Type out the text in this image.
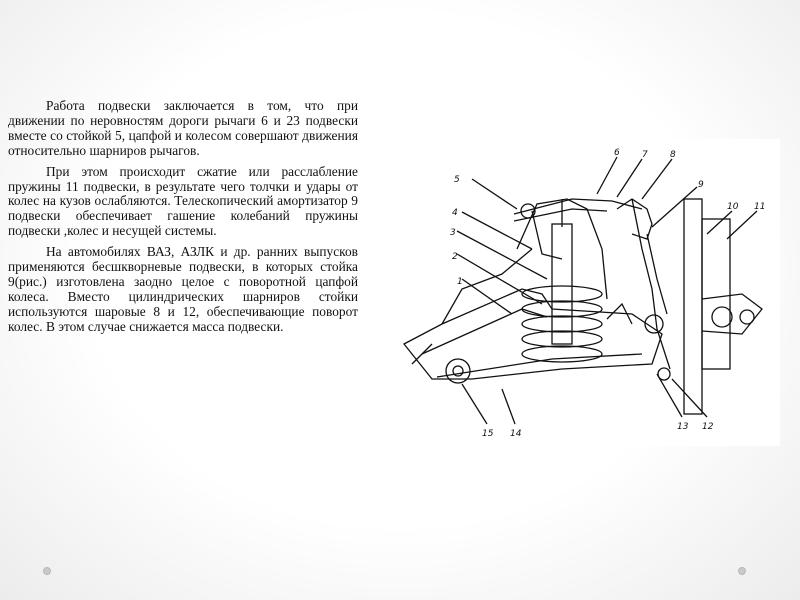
Работа подвески заключается в том, что при движении по неровностям дороги рычаги 6 и 23 подвески вместе со стойкой 5, цапфой и колесом совершают движения относительно шарниров рычагов.

При этом происходит сжатие или расслабление пружины 11 подвески, в результате чего толчки и удары от колес на кузов ослабляются. Телескопический амортизатор 9 подвески обеспечивает гашение колебаний пружины подвески ,колес и несущей системы.

На автомобилях ВАЗ, АЗЛК и др. ранних выпусков применяются бесшкворневые подвески, в которых стойка 9(рис.) изготовлена заодно целое с поворотной цапфой колеса. Вместо цилиндрических шарниров стойки используются шаровые 8 и 12, обеспечивающие поворот колес. В этом случае снижается масса подвески.

5
4
3
2
1
6 7 8
9
10 11
12
13
14
15
